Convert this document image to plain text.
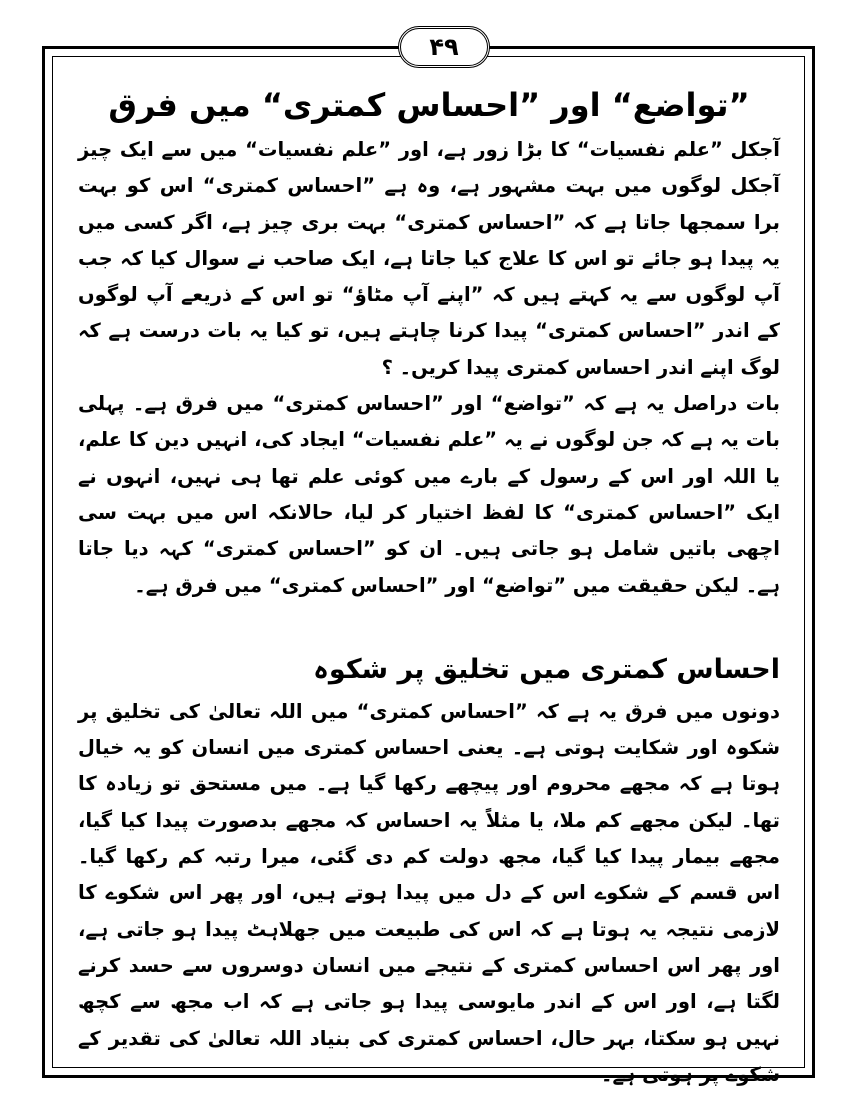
۴۹
”تواضع“ اور ”احساس کمتری“ میں فرق

آجکل ”علم نفسیات“ کا بڑا زور ہے، اور ”علم نفسیات“ میں سے ایک چیز آجکل لوگوں میں بہت مشہور ہے، وہ ہے ”احساس کمتری“ اس کو بہت برا سمجھا جاتا ہے کہ ”احساس کمتری“ بہت بری چیز ہے، اگر کسی میں یہ پیدا ہو جائے تو اس کا علاج کیا جاتا ہے، ایک صاحب نے سوال کیا کہ جب آپ لوگوں سے یہ کہتے ہیں کہ ”اپنے آپ مٹاؤ“ تو اس کے ذریعے آپ لوگوں کے اندر ”احساس کمتری“ پیدا کرنا چاہتے ہیں، تو کیا یہ بات درست ہے کہ لوگ اپنے اندر احساس کمتری پیدا کریں۔ ؟

بات دراصل یہ ہے کہ ”تواضع“ اور ”احساس کمتری“ میں فرق ہے۔ پہلی بات یہ ہے کہ جن لوگوں نے یہ ”علم نفسیات“ ایجاد کی، انہیں دین کا علم، یا اللہ اور اس کے رسول کے بارے میں کوئی علم تھا ہی نہیں، انہوں نے ایک ”احساس کمتری“ کا لفظ اختیار کر لیا، حالانکہ اس میں بہت سی اچھی باتیں شامل ہو جاتی ہیں۔ ان کو ”احساس کمتری“ کہہ دیا جاتا ہے۔ لیکن حقیقت میں ”تواضع“ اور ”احساس کمتری“ میں فرق ہے۔

احساس کمتری میں تخلیق پر شکوہ

دونوں میں فرق یہ ہے کہ ”احساس کمتری“ میں اللہ تعالیٰ کی تخلیق پر شکوہ اور شکایت ہوتی ہے۔ یعنی احساس کمتری میں انسان کو یہ خیال ہوتا ہے کہ مجھے محروم اور پیچھے رکھا گیا ہے۔ میں مستحق تو زیادہ کا تھا۔ لیکن مجھے کم ملا، یا مثلاً یہ احساس کہ مجھے بدصورت پیدا کیا گیا، مجھے بیمار پیدا کیا گیا، مجھ دولت کم دی گئی، میرا رتبہ کم رکھا گیا۔ اس قسم کے شکوے اس کے دل میں پیدا ہوتے ہیں، اور پھر اس شکوے کا لازمی نتیجہ یہ ہوتا ہے کہ اس کی طبیعت میں جھلاہٹ پیدا ہو جاتی ہے، اور پھر اس احساس کمتری کے نتیجے میں انسان دوسروں سے حسد کرنے لگتا ہے، اور اس کے اندر مایوسی پیدا ہو جاتی ہے کہ اب مجھ سے کچھ نہیں ہو سکتا، بہر حال، احساس کمتری کی بنیاد اللہ تعالیٰ کی تقدیر کے شکوے پر ہوتی ہے۔
